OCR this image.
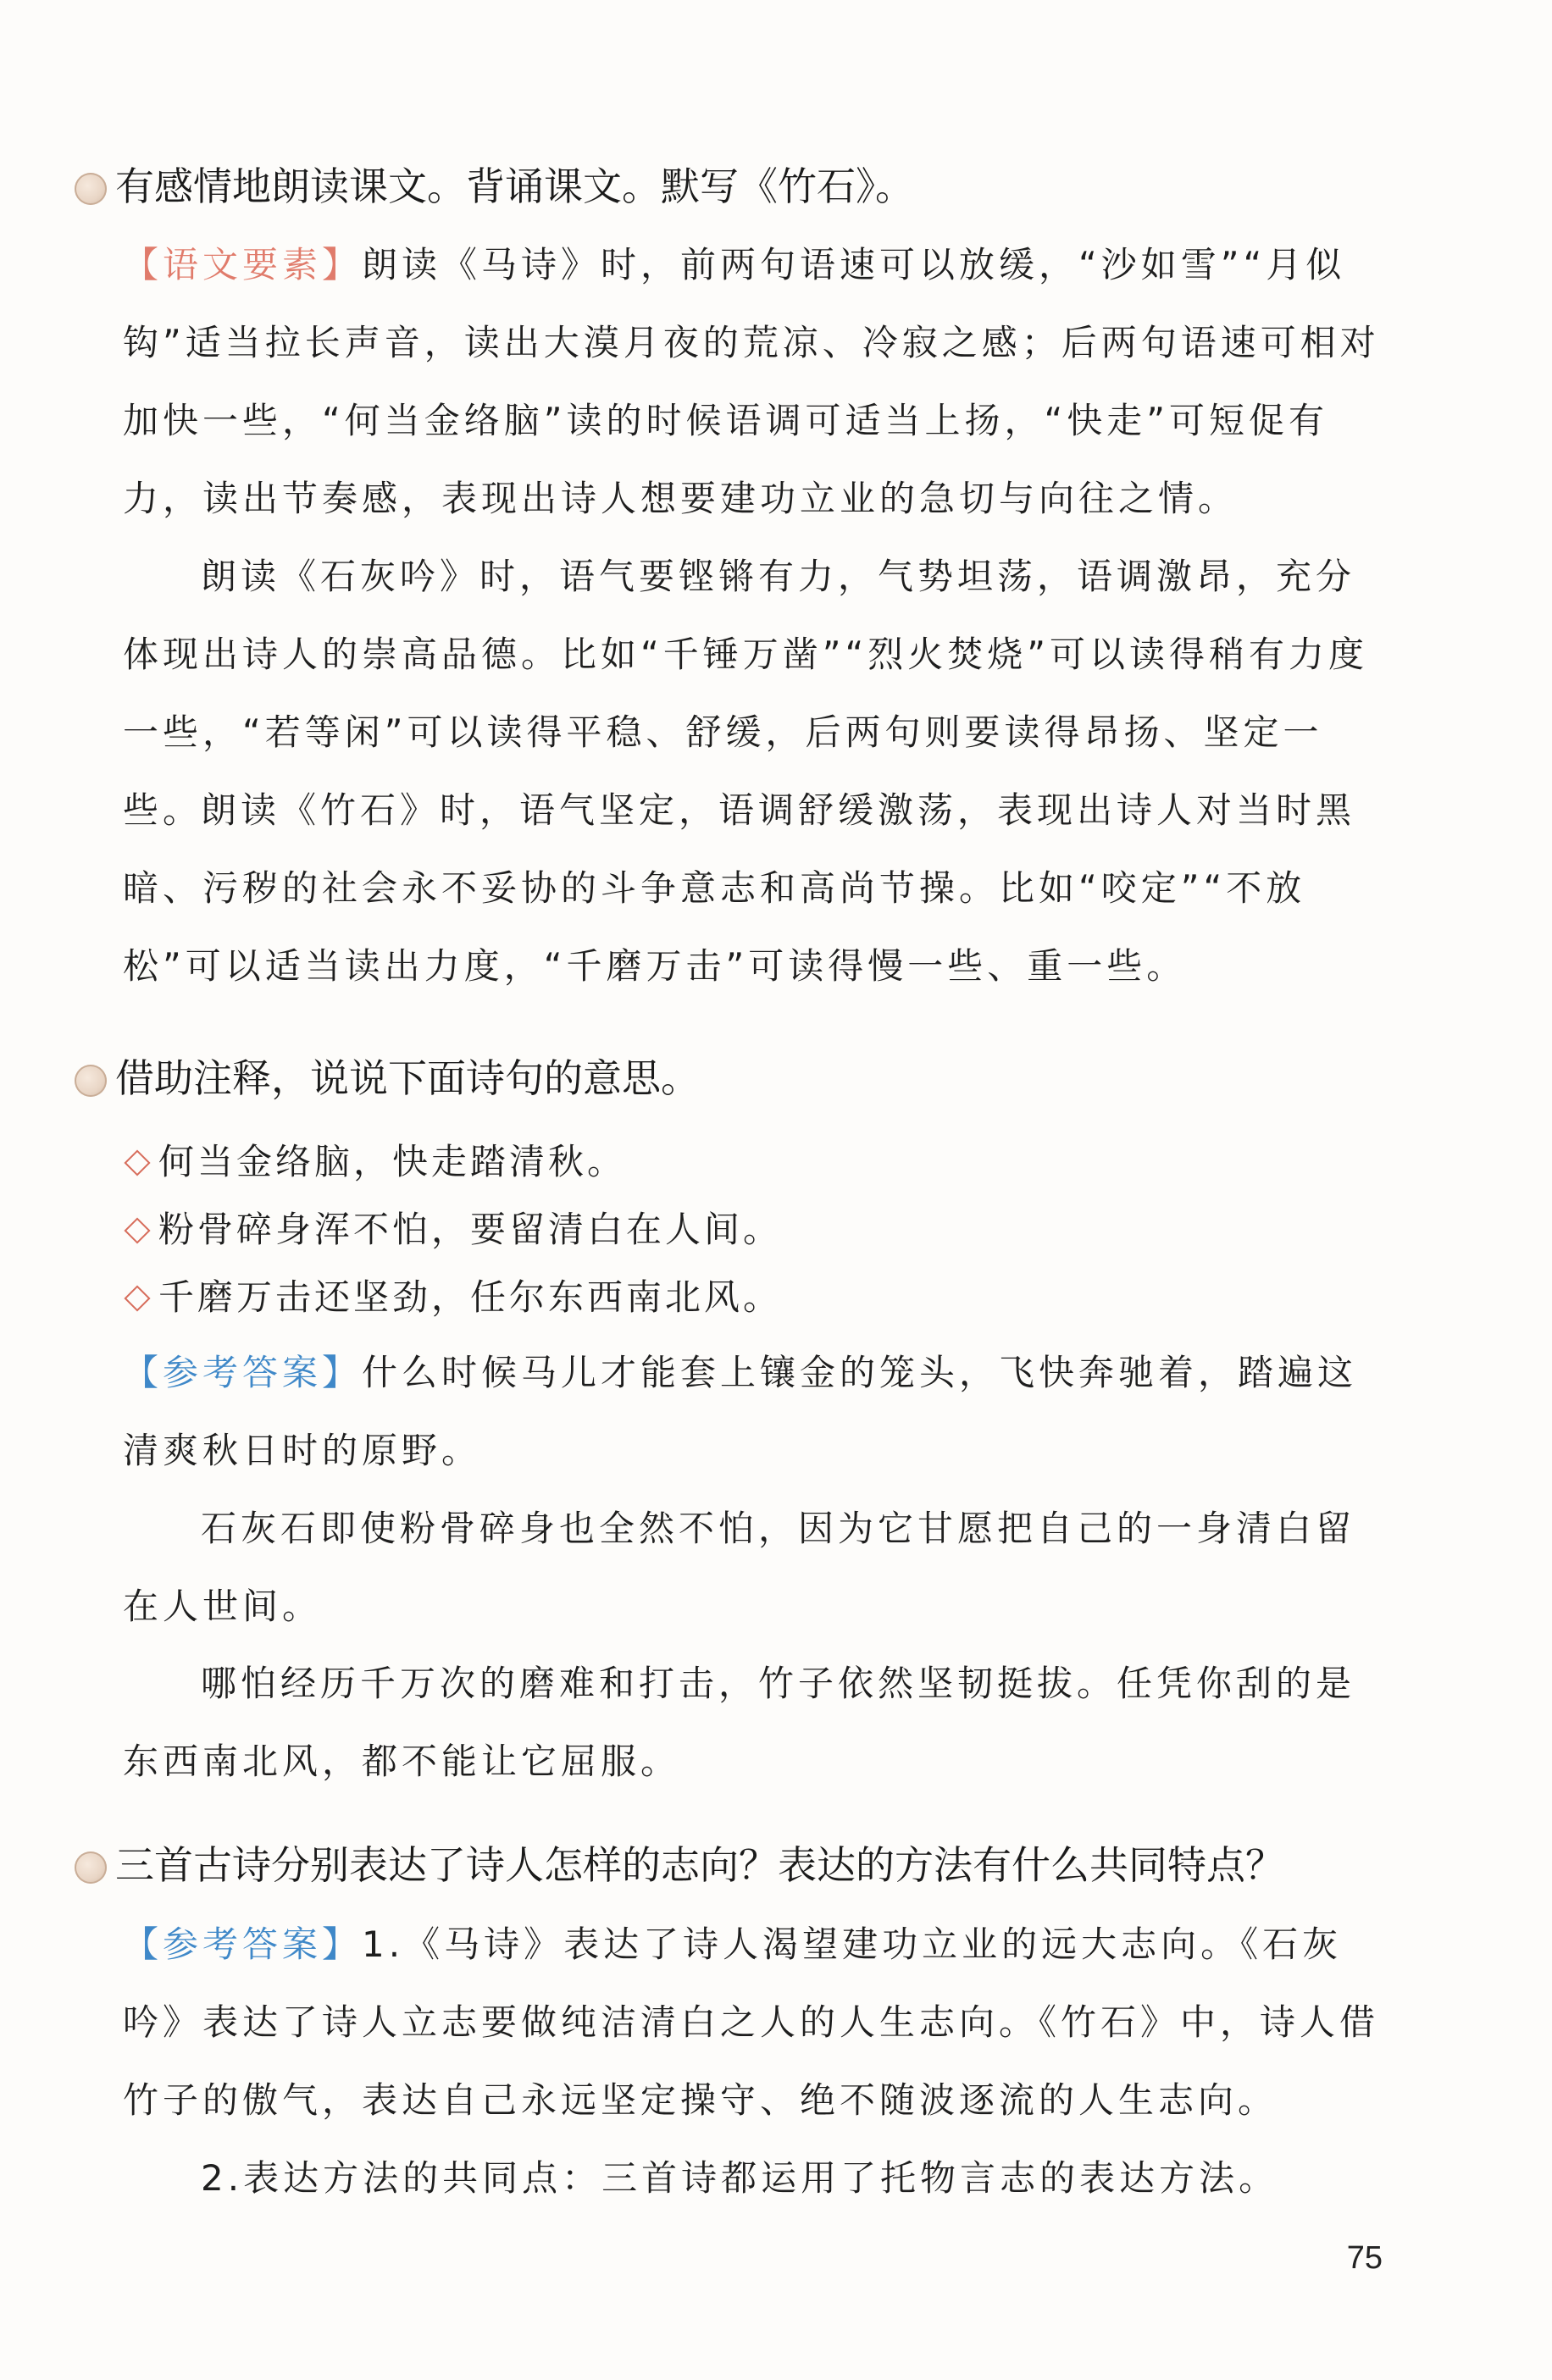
有感情地朗读课文。背诵课文。默写《竹石》。
【语文要素】朗读《马诗》时，前两句语速可以放缓，“沙如雪”“月似钩”适当拉长声音，读出大漠月夜的荒凉、冷寂之感；后两句语速可相对加快一些，“何当金络脑”读的时候语调可适当上扬，“快走”可短促有力，读出节奏感，表现出诗人想要建功立业的急切与向往之情。
朗读《石灰吟》时，语气要铿锵有力，气势坦荡，语调激昂，充分体现出诗人的崇高品德。比如“千锤万凿”“烈火焚烧”可以读得稍有力度一些，“若等闲”可以读得平稳、舒缓，后两句则要读得昂扬、坚定一些。
朗读《竹石》时，语气坚定，语调舒缓激荡，表现出诗人对当时黑暗、污秽的社会永不妥协的斗争意志和高尚节操。比如“咬定”“不放松”可以适当读出力度，“千磨万击”可读得慢一些、重一些。
借助注释，说说下面诗句的意思。
何当金络脑，快走踏清秋。
粉骨碎身浑不怕，要留清白在人间。
千磨万击还坚劲，任尔东西南北风。
【参考答案】什么时候马儿才能套上镶金的笼头，飞快奔驰着，踏遍这清爽秋日时的原野。
石灰石即使粉骨碎身也全然不怕，因为它甘愿把自己的一身清白留在人世间。
哪怕经历千万次的磨难和打击，竹子依然坚韧挺拔。任凭你刮的是东西南北风，都不能让它屈服。
三首古诗分别表达了诗人怎样的志向？表达的方法有什么共同特点？
【参考答案】1.《马诗》表达了诗人渴望建功立业的远大志向。《石灰吟》表达了诗人立志要做纯洁清白之人的人生志向。《竹石》中，诗人借竹子的傲气，表达自己永远坚定操守、绝不随波逐流的人生志向。
2.表达方法的共同点：三首诗都运用了托物言志的表达方法。
75
